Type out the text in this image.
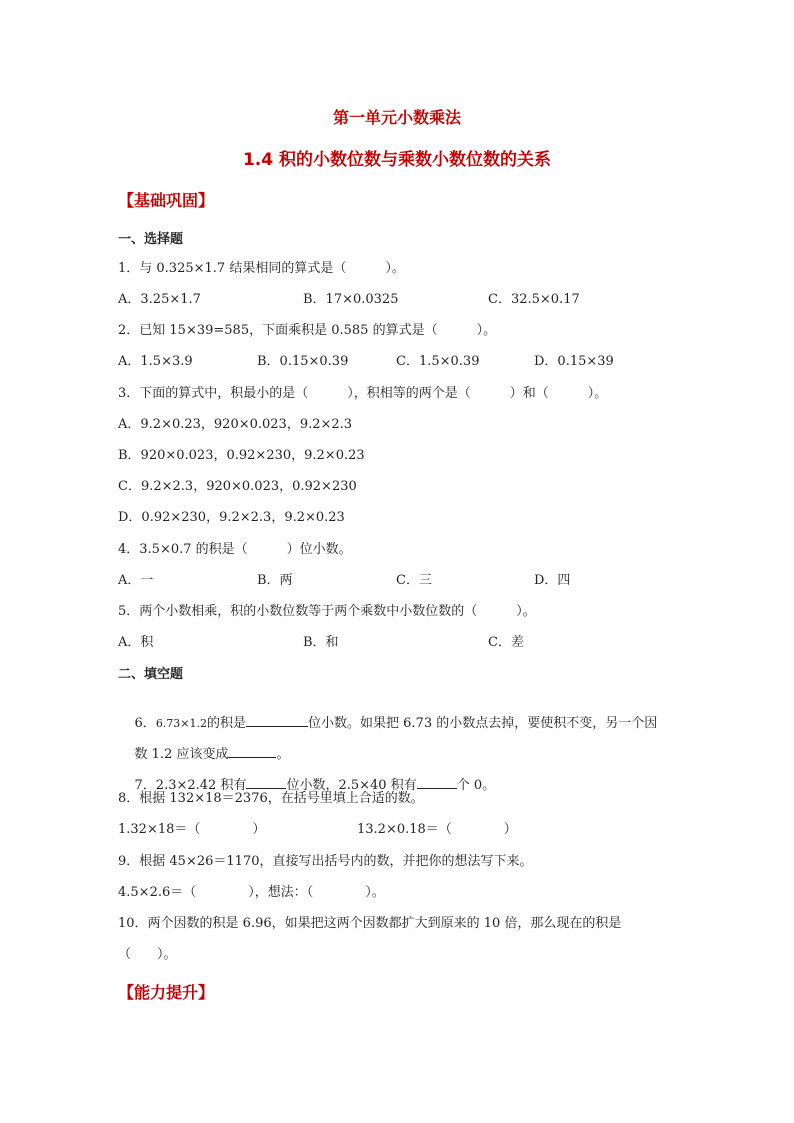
第一单元小数乘法
1.4 积的小数位数与乘数小数位数的关系
【基础巩固】
一、选择题
1．与 0.325×1.7 结果相同的算式是（　　　）。
A．3.25×1.7	B．17×0.0325	C．32.5×0.17
2．已知 15×39=585，下面乘积是 0.585 的算式是（　　　）。
A．1.5×3.9	B．0.15×0.39	C．1.5×0.39	D．0.15×39
3．下面的算式中，积最小的是（　　　），积相等的两个是（　　　）和（　　　）。
A．9.2×0.23，920×0.023，9.2×2.3
B．920×0.023，0.92×230，9.2×0.23
C．9.2×2.3，920×0.023，0.92×230
D．0.92×230，9.2×2.3，9.2×0.23
4．3.5×0.7 的积是（　　　）位小数。
A．一	B．两	C．三	D．四
5．两个小数相乘，积的小数位数等于两个乘数中小数位数的（　　　）。
A．积	B．和	C．差
二、填空题

6．6.73×1.2的积是	位小数。如果把 6.73 的小数点去掉，要使积不变，另一个因

数 1.2 应该变成	。

7．2.3×2.42 积有	位小数，2.5×40 积有	个 0。

8．根据 132×18＝2376，在括号里填上合适的数。
1.32×18＝（　　　　）	13.2×0.18＝（　　　　）
9．根据 45×26＝1170，直接写出括号内的数，并把你的想法写下来。
4.5×2.6＝（　　　　），想法：（　　　　）。
10．两个因数的积是 6.96，如果把这两个因数都扩大到原来的 10 倍，那么现在的积是
（　　）。
【能力提升】
